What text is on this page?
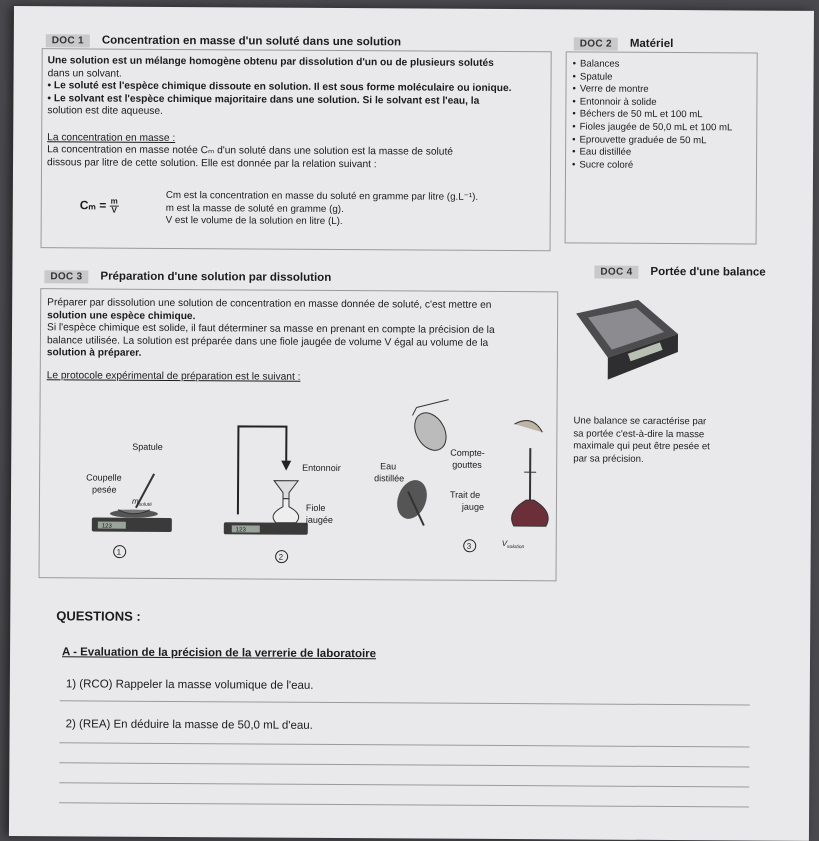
DOC 1 Concentration en masse d'un soluté dans une solution

Une solution est un mélange homogène obtenu par dissolution d'un ou de plusieurs solutés

dans un solvant.

• Le soluté est l'espèce chimique dissoute en solution. Il est sous forme moléculaire ou ionique.

• Le solvant est l'espèce chimique majoritaire dans une solution. Si le solvant est l'eau, la

solution est dite aqueuse.

La concentration en masse :

La concentration en masse notée Cₘ d'un soluté dans une solution est la masse de soluté

dissous par litre de cette solution. Elle est donnée par la relation suivant :

$C_m = \frac{m}{V}$

Cm est la concentration en masse du soluté en gramme par litre (g.L⁻¹).

m est la masse de soluté en gramme (g).

V est le volume de la solution en litre (L).

DOC 2 Matériel
• Balances
• Spatule
• Verre de montre
• Entonnoir à solide
• Béchers de 50 mL et 100 mL
• Fioles jaugée de 50,0 mL et 100 mL
• Eprouvette graduée de 50 mL
• Eau distillée
• Sucre coloré
DOC 3 Préparation d'une solution par dissolution

Préparer par dissolution une solution de concentration en masse donnée de soluté, c'est mettre en

solution une espèce chimique.

Si l'espèce chimique est solide, il faut déterminer sa masse en prenant en compte la précision de la

balance utilisée. La solution est préparée dans une fiole jaugée de volume V égal au volume de la

solution à préparer.

Le protocole expérimental de préparation est le suivant :

123
$m_{soluté}$
1
123
2
3	$V_{solution}$
Spatule
Coupelle
pesée
Entonnoir
Fiole
jaugée
Eau
distillée
Compte-
gouttes
Trait de
jauge
DOC 4 Portée d'une balance

Une balance se caractérise par

sa portée c'est-à-dire la masse

maximale qui peut être pesée et

par sa précision.

QUESTIONS :
A - Evaluation de la précision de la verrerie de laboratoire
1) (RCO) Rappeler la masse volumique de l'eau.
2) (REA) En déduire la masse de 50,0 mL d'eau.
